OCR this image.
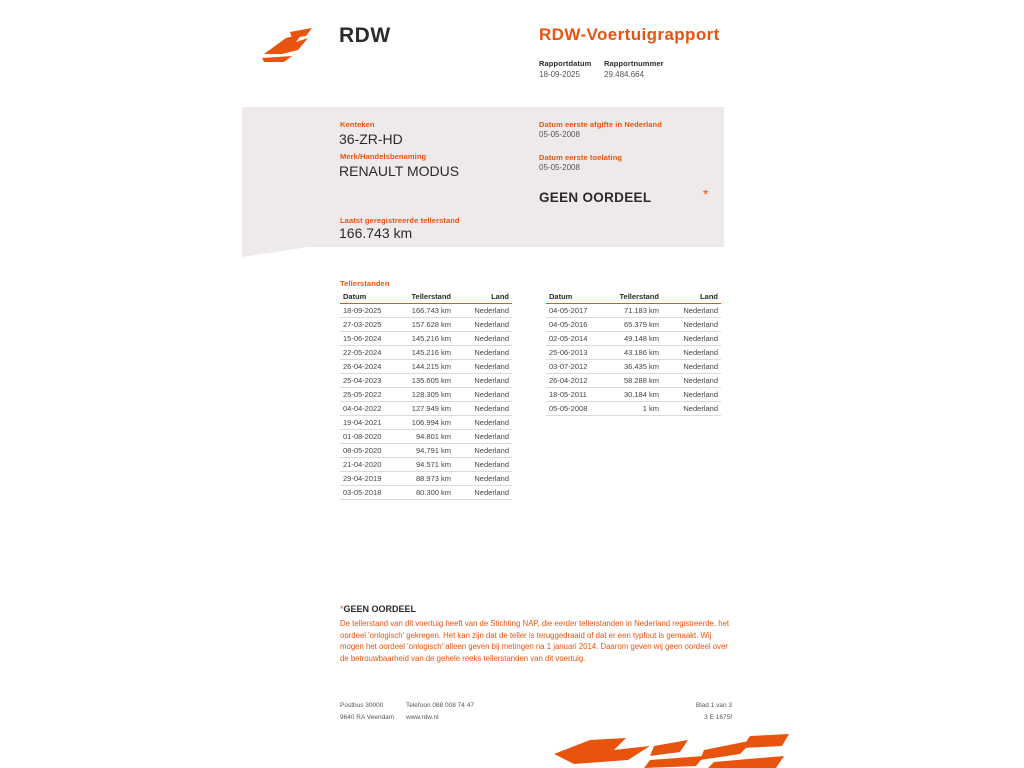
RDW	RDW-Voertuigrapport
Rapportdatum
18-09-2025
Rapportnummer
29.484.664
Kenteken
36-ZR-HD
Merk/Handelsbenaming
RENAULT MODUS
Laatst geregistreerde tellerstand
166.743 km
Datum eerste afgifte in Nederland
05-05-2008
Datum eerste toelating
05-05-2008
GEEN OORDEEL	*
Tellerstanden
Datum	Tellerstand	Land
18-09-2025	166.743 km	Nederland
27-03-2025	157.628 km	Nederland
15-06-2024	145.216 km	Nederland
22-05-2024	145.216 km	Nederland
26-04-2024	144.215 km	Nederland
25-04-2023	135.605 km	Nederland
25-05-2022	128.305 km	Nederland
04-04-2022	127.949 km	Nederland
19-04-2021	106.994 km	Nederland
01-08-2020	94.801 km	Nederland
08-05-2020	94.791 km	Nederland
21-04-2020	94.571 km	Nederland
29-04-2019	88.973 km	Nederland
03-05-2018	80.300 km	Nederland
Datum	Tellerstand	Land
04-05-2017	71.183 km	Nederland
04-05-2016	65.379 km	Nederland
02-05-2014	49.148 km	Nederland
25-06-2013	43.186 km	Nederland
03-07-2012	36.435 km	Nederland
26-04-2012	58.288 km	Nederland
18-05-2011	30.184 km	Nederland
05-05-2008	1 km	Nederland
*GEEN OORDEEL
De tellerstand van dit voertuig heeft van de Stichting NAP, die eerder tellerstanden in Nederland registreerde, het oordeel 'onlogisch' gekregen. Het kan zijn dat de teller is teruggedraaid of dat er een typfout is gemaakt. Wij mogen het oordeel 'onlogisch' alleen geven bij metingen na 1 januari 2014. Daarom geven wij geen oordeel over de betrouwbaarheid van de gehele reeks tellerstanden van dit voertuig.
Postbus 30000
9640 RA Veendam
Telefoon 088 008 74 47
www.rdw.nl
Blad 1 van 3
3 E 1675f
